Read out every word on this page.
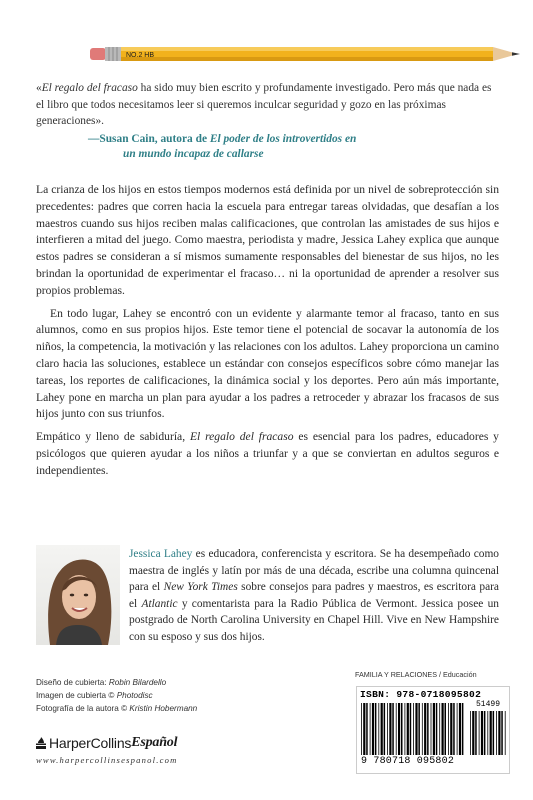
NO.2 HB

«El regalo del fracaso ha sido muy bien escrito y profundamente investigado. Pero más que nada es el libro que todos necesitamos leer si queremos inculcar seguridad y gozo en las próximas generaciones».

—Susan Cain, autora de El poder de los introvertidos en
un mundo incapaz de callarse

La crianza de los hijos en estos tiempos modernos está definida por un nivel de sobreprotección sin precedentes: padres que corren hacia la escuela para entregar tareas olvidadas, que desafían a los maestros cuando sus hijos reciben malas calificaciones, que controlan las amistades de sus hijos e interfieren a mitad del juego. Como maestra, periodista y madre, Jessica Lahey explica que aunque estos padres se consideran a sí mismos sumamente responsables del bienestar de sus hijos, no les brindan la oportunidad de experimentar el fracaso… ni la oportunidad de aprender a resolver sus propios problemas.

En todo lugar, Lahey se encontró con un evidente y alarmante temor al fracaso, tanto en sus alumnos, como en sus propios hijos. Este temor tiene el potencial de socavar la autonomía de los niños, la competencia, la motivación y las relaciones con los adultos. Lahey proporciona un camino claro hacia las soluciones, establece un estándar con consejos específicos sobre cómo manejar las tareas, los reportes de calificaciones, la dinámica social y los deportes. Pero aún más importante, Lahey pone en marcha un plan para ayudar a los padres a retroceder y abrazar los fracasos de sus hijos junto con sus triunfos.

Empático y lleno de sabiduría, El regalo del fracaso es esencial para los padres, educadores y psicólogos que quieren ayudar a los niños a triunfar y a que se conviertan en adultos seguros e independientes.

Jessica Lahey es educadora, conferencista y escritora. Se ha desempeñado como maestra de inglés y latín por más de una década, escribe una columna quincenal para el New York Times sobre consejos para padres y maestros, es escritora para el Atlantic y comentarista para la Radio Pública de Vermont. Jessica posee un postgrado de North Carolina University en Chapel Hill. Vive en New Hampshire con su esposo y sus dos hijos.

Diseño de cubierta: Robin Bilardello
Imagen de cubierta © Photodisc
Fotografía de la autora © Kristin Hobermann
HarperCollins Español
www.harpercollinsespanol.com
FAMILIA Y RELACIONES / Educación
ISBN: 978-0718095802
51499
9 780718 095802
